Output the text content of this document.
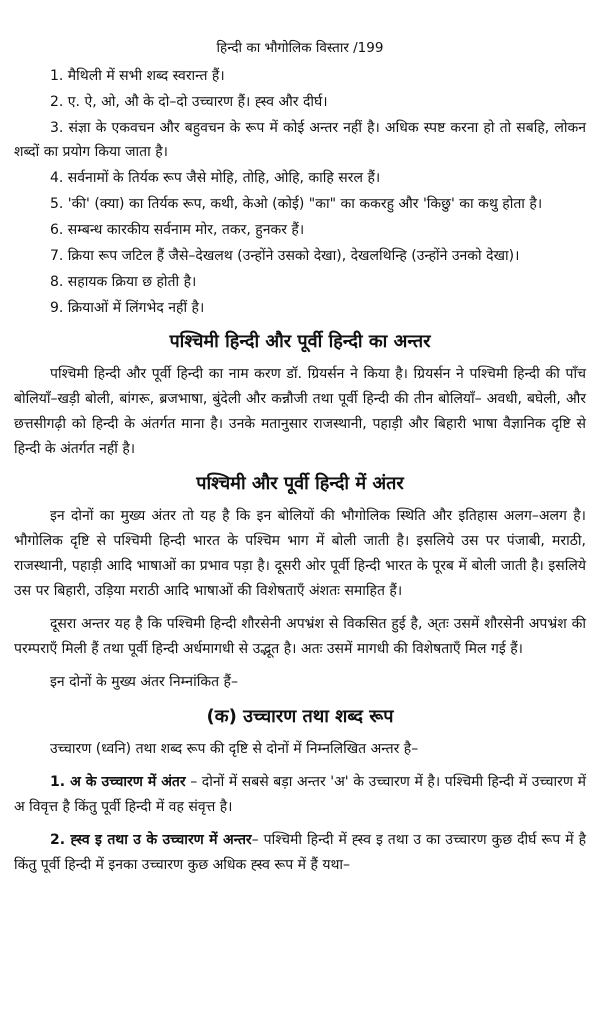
हिन्दी का भौगोलिक विस्तार /199
1. मैथिली में सभी शब्द स्वरान्त हैं।
2. ए. ऐ, ओ, औ के दो–दो उच्चारण हैं। ह्स्व और दीर्घ।
3. संज्ञा के एकवचन और बहुवचन के रूप में कोई अन्तर नहीं है। अधिक स्पष्ट करना हो तो सबहि, लोकन शब्दों का प्रयोग किया जाता है।
4. सर्वनामों के तिर्यक रूप जैसे मोहि, तोहि, ओहि, काहि सरल हैं।
5. 'की' (क्या) का तिर्यक रूप, कथी, केओ (कोई) "का" का ककरहु और 'किछु' का कथु होता है।
6. सम्बन्ध कारकीय सर्वनाम मोर, तकर, हुनकर हैं।
7. क्रिया रूप जटिल हैं जैसे–देखलथ (उन्होंने उसको देखा), देखलथिन्हि (उन्होंने उनको देखा)।
8. सहायक क्रिया छ होती है।
9. क्रियाओं में लिंगभेद नहीं है।
पश्चिमी हिन्दी और पूर्वी हिन्दी का अन्तर

पश्चिमी हिन्दी और पूर्वी हिन्दी का नाम करण डॉ. ग्रियर्सन ने किया है। ग्रियर्सन ने पश्चिमी हिन्दी की पाँच बोलियाँ–खड़ी बोली, बांगरू, ब्रजभाषा, बुंदेली और कन्नौजी तथा पूर्वी हिन्दी की तीन बोलियाँ– अवधी, बघेली, और छत्तसीगढ़ी को हिन्दी के अंतर्गत माना है। उनके मतानुसार राजस्थानी, पहाड़ी और बिहारी भाषा वैज्ञानिक दृष्टि से हिन्दी के अंतर्गत नहीं है।

पश्चिमी और पूर्वी हिन्दी में अंतर

इन दोनों का मुख्य अंतर तो यह है कि इन बोलियों की भौगोलिक स्थिति और इतिहास अलग–अलग है। भौगोलिक दृष्टि से पश्चिमी हिन्दी भारत के पश्चिम भाग में बोली जाती है। इसलिये उस पर पंजाबी, मराठी, राजस्थानी, पहाड़ी आदि भाषाओं का प्रभाव पड़ा है। दूसरी ओर पूर्वी हिन्दी भारत के पूरब में बोली जाती है। इसलिये उस पर बिहारी, उड़िया मराठी आदि भाषाओं की विशेषताएँ अंशतः समाहित हैं।

दूसरा अन्तर यह है कि पश्चिमी हिन्दी शौरसेनी अपभ्रंश से विकसित हुई है, अ्तः उसमें शौरसेनी अपभ्रंश की परम्पराएँ मिली हैं तथा पूर्वी हिन्दी अर्धमागधी से उद्भूत है। अतः उसमें मागधी की विशेषताएँ मिल गई हैं।

इन दोनों के मुख्य अंतर निम्नांकित हैं–

(क) उच्चारण तथा शब्द रूप

उच्चारण (ध्वनि) तथा शब्द रूप की दृष्टि से दोनों में निम्नलिखित अन्तर है–

1. अ के उच्चारण में अंतर – दोनों में सबसे बड़ा अन्तर 'अ' के उच्चारण में है। पश्चिमी हिन्दी में उच्चारण में अ विवृत्त है किंतु पूर्वी हिन्दी में वह संवृत्त है।

2. ह्स्व इ तथा उ के उच्चारण में अन्तर– पश्चिमी हिन्दी में ह्स्व इ तथा उ का उच्चारण कुछ दीर्घ रूप में है किंतु पूर्वी हिन्दी में इनका उच्चारण कुछ अधिक ह्स्व रूप में हैं यथा–
